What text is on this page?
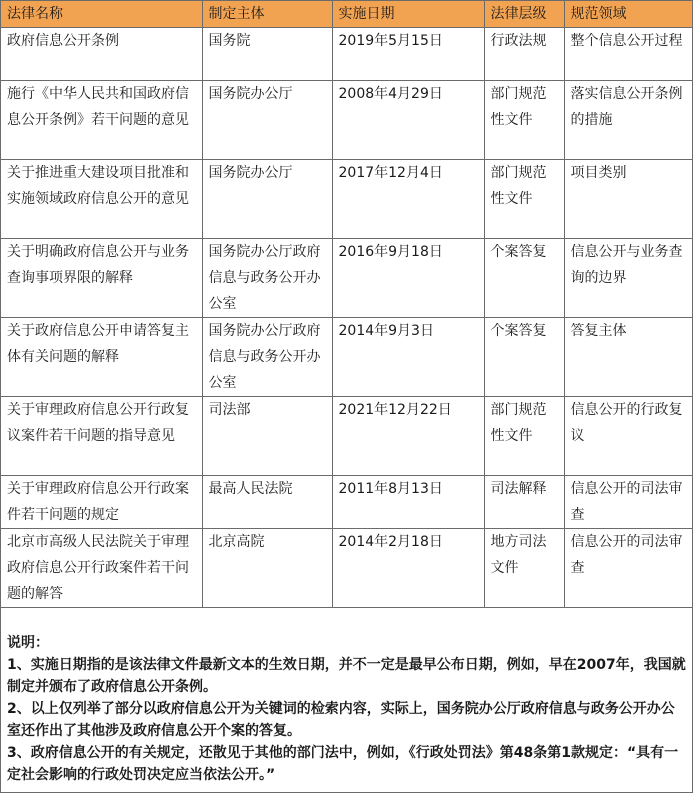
法律名称	制定主体	实施日期	法律层级	规范领域
政府信息公开条例	国务院	2019年5月15日	行政法规	整个信息公开过程
施行《中华人民共和国政府信息公开条例》若干问题的意见	国务院办公厅	2008年4月29日	部门规范性文件	落实信息公开条例的措施
关于推进重大建设项目批准和实施领域政府信息公开的意见	国务院办公厅	2017年12月4日	部门规范性文件	项目类别
关于明确政府信息公开与业务查询事项界限的解释	国务院办公厅政府信息与政务公开办公室	2016年9月18日	个案答复	信息公开与业务查询的边界
关于政府信息公开申请答复主体有关问题的解释	国务院办公厅政府信息与政务公开办公室	2014年9月3日	个案答复	答复主体
关于审理政府信息公开行政复议案件若干问题的指导意见	司法部	2021年12月22日	部门规范性文件	信息公开的行政复议
关于审理政府信息公开行政案件若干问题的规定	最高人民法院	2011年8月13日	司法解释	信息公开的司法审查
北京市高级人民法院关于审理政府信息公开行政案件若干问题的解答	北京高院	2014年2月18日	地方司法文件	信息公开的司法审查

说明：

1、实施日期指的是该法律文件最新文本的生效日期，并不一定是最早公布日期，例如，早在2007年，我国就制定并颁布了政府信息公开条例。

2、以上仅列举了部分以政府信息公开为关键词的检索内容，实际上，国务院办公厅政府信息与政务公开办公室还作出了其他涉及政府信息公开个案的答复。

3、政府信息公开的有关规定，还散见于其他的部门法中，例如，《行政处罚法》第48条第1款规定：“具有一定社会影响的行政处罚决定应当依法公开。”
